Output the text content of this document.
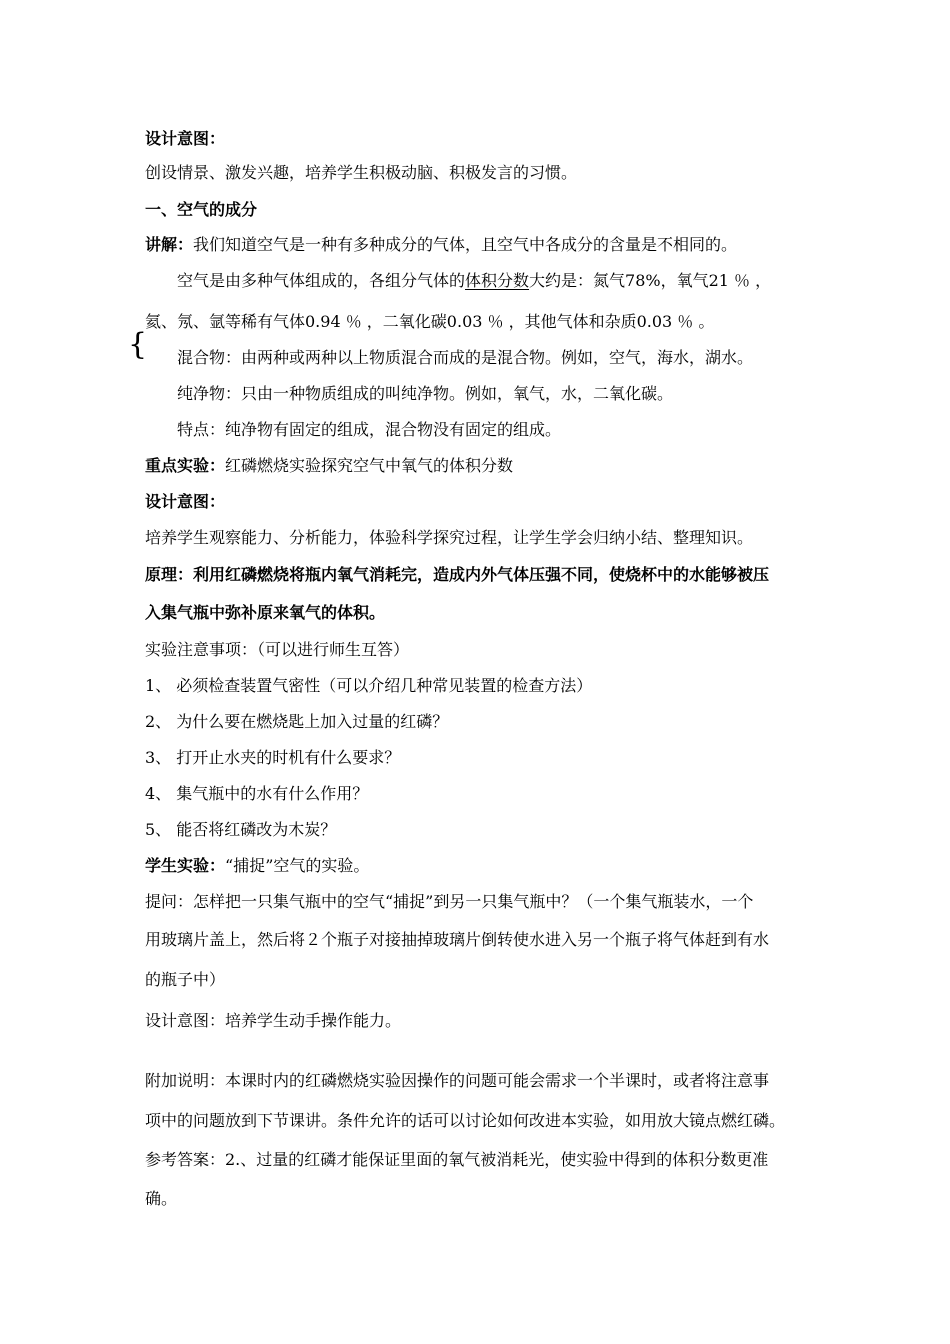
设计意图：
创设情景、激发兴趣，培养学生积极动脑、积极发言的习惯。
一、空气的成分
讲解：我们知道空气是一种有多种成分的气体，且空气中各成分的含量是不相同的。
空气是由多种气体组成的，各组分气体的体积分数大约是：氮气78%，氧气21 ％ ，
氦、氖、氩等稀有气体0.94 ％ ，二氧化碳0.03 ％ ，其他气体和杂质0.03 ％ 。
{ 混合物：由两种或两种以上物质混合而成的是混合物。例如，空气，海水，湖水。
纯净物：只由一种物质组成的叫纯净物。例如，氧气，水，二氧化碳。
特点：纯净物有固定的组成，混合物没有固定的组成。
重点实验：红磷燃烧实验探究空气中氧气的体积分数
设计意图：
培养学生观察能力、分析能力，体验科学探究过程，让学生学会归纳小结、整理知识。
原理：利用红磷燃烧将瓶内氧气消耗完，造成内外气体压强不同，使烧杯中的水能够被压
入集气瓶中弥补原来氧气的体积。
实验注意事项：（可以进行师生互答）
1、 必须检查装置气密性（可以介绍几种常见装置的检查方法）
2、 为什么要在燃烧匙上加入过量的红磷？
3、 打开止水夹的时机有什么要求？
4、 集气瓶中的水有什么作用？
5、 能否将红磷改为木炭？
学生实验：“捕捉”空气的实验。
提问：怎样把一只集气瓶中的空气“捕捉”到另一只集气瓶中？（一个集气瓶装水，一个
用玻璃片盖上，然后将２个瓶子对接抽掉玻璃片倒转使水进入另一个瓶子将气体赶到有水
的瓶子中）
设计意图：培养学生动手操作能力。
附加说明：本课时内的红磷燃烧实验因操作的问题可能会需求一个半课时，或者将注意事
项中的问题放到下节课讲。条件允许的话可以讨论如何改进本实验，如用放大镜点燃红磷。
参考答案：2.、过量的红磷才能保证里面的氧气被消耗光，使实验中得到的体积分数更准
确。
